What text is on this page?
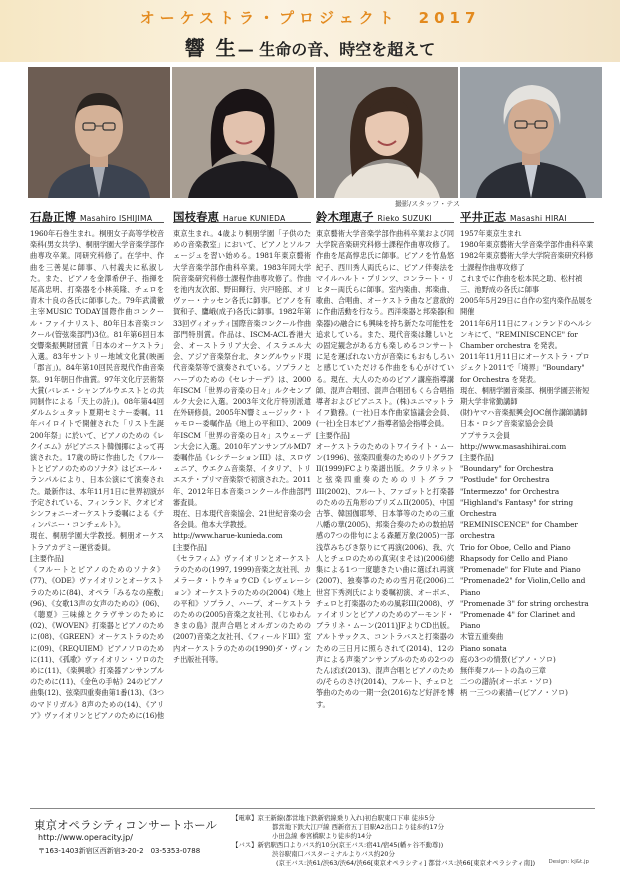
オーケストラ・プロジェクト　2017
響 生— 生命の音、時空を超えて
撮影/スタッフ・テス
石島正博 Masahiro ISHIJIMA

1960年石巻生まれ。桐朋女子高等学校音楽科(男女共学)、桐朋学園大学音楽学部作曲専攻卒業。同研究科修了。在学中、作曲を三善晃に師事、八村義夫に私淑した。また、ピアノを金澤希伊子、指揮を尾高忠明、打楽器を小林美隆、チェロを青木十良の各氏に師事した。79年武満徹主宰MUSIC TODAY国際作曲コンクール・ファイナリスト、80年日本音楽コンクール(管弦楽部門)3位。81年第6回日本交響楽振興財団賞「日本のオーケストラ」入選。83年サントリー地域文化賞(映画「郡言」)。84年第10回民音現代作曲音楽祭。91年朝日作曲賞。97年文化庁芸術祭大賞(バレエ・シャンブルウエストとの共同制作による「天上の詩」)。08年第44回ダルムシュタット夏期セミナー委嘱。11年バイロイトで開催された「リスト生誕200年祭」に於いて、ピアノのための《レクイエム》がピアニスト韓伽揶によって再演された。17歳の時に作曲した《フルートとピアノのためのソナタ》はピエール・ランパルにより、日本公演にて演奏された。最新作は、本年11月1日に世界初演が予定されている、フィンランド、クオピオシンフォニーオーケストラ委嘱による《ティンパニー・コンチェルト》。

現在、桐朋学園大学教授。桐朋オーケストラアカデミー運営委員。

[主要作品]

《フルートとピアノのためのソナタ》(77)、《ODE》ヴァイオリンとオーケストラのために(84)、オペラ「みるなの座敷」(96)、《女歌13声の女声のための》(06)、《聴夏》三味線とクラヴサンのために(02)、《WOVEN》打楽器とピアノのために(08)、《GREEN》オーケストラのために(09)、《REQUIEM》ピアノソロのために(11)、《孤歌》ヴァイオリン・ソロのために(11)、《楽興歌》打楽器アンサンブルのために(11)、《金色の手帖》24のピアノ曲集(12)、弦楽四重奏曲第1番(13)、《3つのマドリガル》8声のための(14)、《アリア》ヴァイオリンとピアノのために(16)他

国枝春恵 Harue KUNIEDA

東京生まれ。4歳より桐朋学園「子供のための音楽教室」において、ピアノとソルフェージュを習い始める。1981年東京藝術大学音楽学部作曲科卒業。1983年同大学院音楽研究科修士課程作曲専攻修了。作曲を池内友次郎、野田暉行、宍戸睦郎、オリヴァー・ナッセン各氏に師事。ピアノを有賀和子、鷹峨(成子)各氏に師事。1982年第33回ヴィオッティ国際音楽コンクール作曲部門特別賞。作品は、ISCM-ACL香港大会、オーストラリア大会、イスラエル大会、アジア音楽祭台北、タングルウッド現代音楽祭等で演奏されている。ソプラノとハープのための《セレナーデ》は、2000年ISCM「世界の音楽の日々」ルクセンブルク大会に入選。2003年文化庁特別派遣在外研修員。2005年N響ミュージック・トゥモロー委嘱作品《地上の平和II》、2009年ISCM「世界の音楽の日々」スウェーデン大会に入選。2010年アンサンブルMD7委嘱作品《レシテーションIII》は、スロヴェニア、ウエクム音楽祭、イタリア、トリエステ・プリマ音楽祭で初演された。2011年、2012年日本音楽コンクール作曲部門審査員。

現在、日本現代音楽協会、21世紀音楽の会各会員。他本大学教授。

http://www.harue-kunieda.com

[主要作品]

《セラフィム》ヴァイオリンとオーケストラのための(1997, 1999)音楽之友社刊、カメラータ・トウキョウCD《レヴェレーション》オーケストラのための(2004)《地上の平和》ソプラノ、ハープ、オーケストラのための(2005)音楽之友社刊、《じゆわんきまの島》混声合唱とオルガンのための(2007)音楽之友社刊、《フィールドIII》室内オーケストラのための(1990)ダ・ヴィンチ出版社刊等。

鈴木理恵子 Rieko SUZUKI

東京藝術大学音楽学部作曲科卒業および同大学院音楽研究科修士課程作曲専攻修了。作曲を尾高惇忠氏に師事。ピアノを竹島悠紀子、西川秀人両氏らに、ピアノ伴奏法をマイルハルト・プリンツ、コンラート・リヒター両氏らに師事。室内楽曲、邦楽曲、歌曲、合唱曲、オーケストラ曲など意欲的に作曲活動を行なう。西洋楽器と邦楽器(和楽器)の融合にも興味を持ち新たな可能性を追求している。また、現代音楽は難しいとの固定観念がある方も楽しめるコンサートに足を運ばれない方が音楽にもおもしろいと感じていただける作曲をも心がけている。現在、大人のためのピアノ講座指導講師、混声合唱団、混声合唱団もくら合唱指導者およびピアニスト。(株)ユニマットライフ勤務。(一社)日本作曲家協議会会員、(一社)全日本ピアノ指導者協会指導会員。

[主要作品]

オーケストラのためのトワイライト・ムーン(1996)、弦楽四重奏のためのリトグラフII(1999)FCより楽譜出版。クラリネットと弦楽四重奏のためのリトグラフIII(2002)、フルート、ファゴットと打楽器のための五角形のプリズムII(2005)、中国古筝、韓国伽耶琴、日本箏等のための三重八幡の華(2005)、邦楽合奏のための数拍居感の7つの俳句による森羅万象(2005)一部浅草みちびき祭りにて再演(2006)、我、穴人とチェロのための真実(まそは)(2006)總集による1つ一度聴きたい曲に選ばれ再演(2007)、独奏箏のための雪月花(2006)二世宮下秀洌氏により委嘱初演、オーボエ、チェロと打楽器のための風彩III(2008)、ヴァイオリンとピアノのためのアーモンド・ブラリネ・ムーン(2011)JFよりCD出版。アルトサックス、コントラバスと打楽器のための三日月に照らされて(2014)、12の声による声楽アンサンブルのための2つのたんぽぽ(2013)、混声合唱とピアノのための/そらのさけ(2014)、フルート、チェロと筝曲のための一期一会(2016)など好評を博す。

平井正志 Masashi HIRAI
1957年東京生まれ
1980年東京藝術大学音楽学部作曲科卒業
1982年東京藝術大学大学院音楽研究科修士課程作曲専攻修了
これまでに作曲を松本民之助、松村禎三、池野成の各氏に師事
2005年5月29日に自作の室内楽作品展を開催
2011年6月11日にフィンランドのヘルシンキにて、"REMINISCENCE" for Chamber orchestra を発表。
2011年11月11日にオーケストラ・プロジェクト2011で「境界」"Boundary" for Orchestra を発表。
現在、桐朋学園音楽部、桐朋学園芸術短期大学非常勤講師
(財)ヤマハ音楽振興会JOC創作講師講師
日本・ロシア音楽家協会会員
アプサラス会員
http://www.masashihirai.com

[主要作品]

"Boundary" for Orchestra
"Postlude" for Orchestra
"Intermezzo" for Orchestra
"Highland's Fantasy" for string Orchestra
"REMINISCENCE" for Chamber orchestra
Trio for Oboe, Cello and Piano
Rhapsody for Cello and Piano
"Promenade" for Flute and Piano
"Promenade2" for Violin,Cello and Piano
"Promenade 3" for string orchestra
"Promenade 4" for Clarinet and Piano
木管五重奏曲
Piano sonata
庭の3つの情景(ピアノ・ソロ)
無伴奏フルートの為の三章
二つの譜詩(オーボエ・ソロ)
柄 一三つの素描ー(ピアノ・ソロ)
東京オペラシティコンサートホール
http://www.operacity.jp/
〒163-1403新宿区西新宿3-20-2　03-5353-0788
【電車】京王新線(都営地下鉄新宿線乗り入れ)初台駅東口下車 徒歩5分
都営地下鉄大江戸線 西新宿五丁目駅A2出口より徒歩約17分
小田急線 参宮橋駅より徒歩約14分
【バス】新宿駅西口よりバス約10分(京王バス:宿41/宿45(幡ヶ谷不動尊))
渋谷駅南口バスターミナルよりバス約20分
(京王バス:渋61/渋63/渋64/渋66[東京オペラシティ] 都営バス:渋66[東京オペラシティ南])	Design: kj&t.jp
